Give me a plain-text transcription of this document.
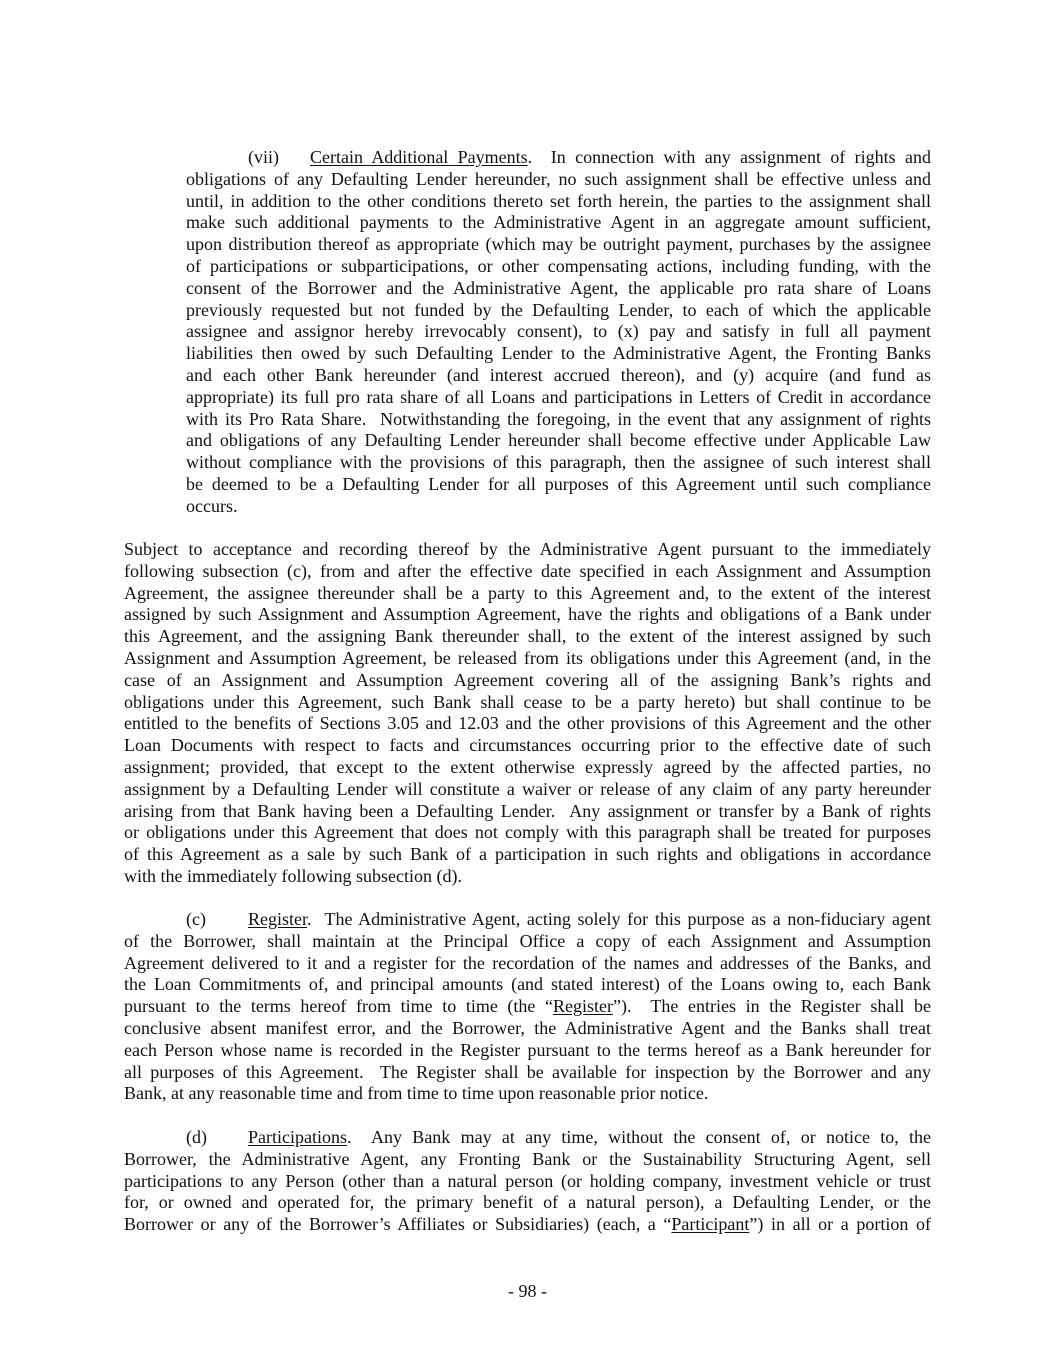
(vii) Certain Additional Payments.  In connection with any assignment of rights and
obligations of any Defaulting Lender hereunder, no such assignment shall be effective unless and
until, in addition to the other conditions thereto set forth herein, the parties to the assignment shall
make such additional payments to the Administrative Agent in an aggregate amount sufficient,
upon distribution thereof as appropriate (which may be outright payment, purchases by the assignee
of participations or subparticipations, or other compensating actions, including funding, with the
consent of the Borrower and the Administrative Agent, the applicable pro rata share of Loans
previously requested but not funded by the Defaulting Lender, to each of which the applicable
assignee and assignor hereby irrevocably consent), to (x) pay and satisfy in full all payment
liabilities then owed by such Defaulting Lender to the Administrative Agent, the Fronting Banks
and each other Bank hereunder (and interest accrued thereon), and (y) acquire (and fund as
appropriate) its full pro rata share of all Loans and participations in Letters of Credit in accordance
with its Pro Rata Share.  Notwithstanding the foregoing, in the event that any assignment of rights
and obligations of any Defaulting Lender hereunder shall become effective under Applicable Law
without compliance with the provisions of this paragraph, then the assignee of such interest shall
be deemed to be a Defaulting Lender for all purposes of this Agreement until such compliance
occurs.
Subject to acceptance and recording thereof by the Administrative Agent pursuant to the immediately
following subsection (c), from and after the effective date specified in each Assignment and Assumption
Agreement, the assignee thereunder shall be a party to this Agreement and, to the extent of the interest
assigned by such Assignment and Assumption Agreement, have the rights and obligations of a Bank under
this Agreement, and the assigning Bank thereunder shall, to the extent of the interest assigned by such
Assignment and Assumption Agreement, be released from its obligations under this Agreement (and, in the
case of an Assignment and Assumption Agreement covering all of the assigning Bank’s rights and
obligations under this Agreement, such Bank shall cease to be a party hereto) but shall continue to be
entitled to the benefits of Sections 3.05 and 12.03 and the other provisions of this Agreement and the other
Loan Documents with respect to facts and circumstances occurring prior to the effective date of such
assignment; provided, that except to the extent otherwise expressly agreed by the affected parties, no
assignment by a Defaulting Lender will constitute a waiver or release of any claim of any party hereunder
arising from that Bank having been a Defaulting Lender.  Any assignment or transfer by a Bank of rights
or obligations under this Agreement that does not comply with this paragraph shall be treated for purposes
of this Agreement as a sale by such Bank of a participation in such rights and obligations in accordance
with the immediately following subsection (d).
(c) Register.  The Administrative Agent, acting solely for this purpose as a non-fiduciary agent
of the Borrower, shall maintain at the Principal Office a copy of each Assignment and Assumption
Agreement delivered to it and a register for the recordation of the names and addresses of the Banks, and
the Loan Commitments of, and principal amounts (and stated interest) of the Loans owing to, each Bank
pursuant to the terms hereof from time to time (the “Register”).  The entries in the Register shall be
conclusive absent manifest error, and the Borrower, the Administrative Agent and the Banks shall treat
each Person whose name is recorded in the Register pursuant to the terms hereof as a Bank hereunder for
all purposes of this Agreement.  The Register shall be available for inspection by the Borrower and any
Bank, at any reasonable time and from time to time upon reasonable prior notice.
(d) Participations.  Any Bank may at any time, without the consent of, or notice to, the
Borrower, the Administrative Agent, any Fronting Bank or the Sustainability Structuring Agent, sell
participations to any Person (other than a natural person (or holding company, investment vehicle or trust
for, or owned and operated for, the primary benefit of a natural person), a Defaulting Lender, or the
Borrower or any of the Borrower’s Affiliates or Subsidiaries) (each, a “Participant”) in all or a portion of
- 98 -
